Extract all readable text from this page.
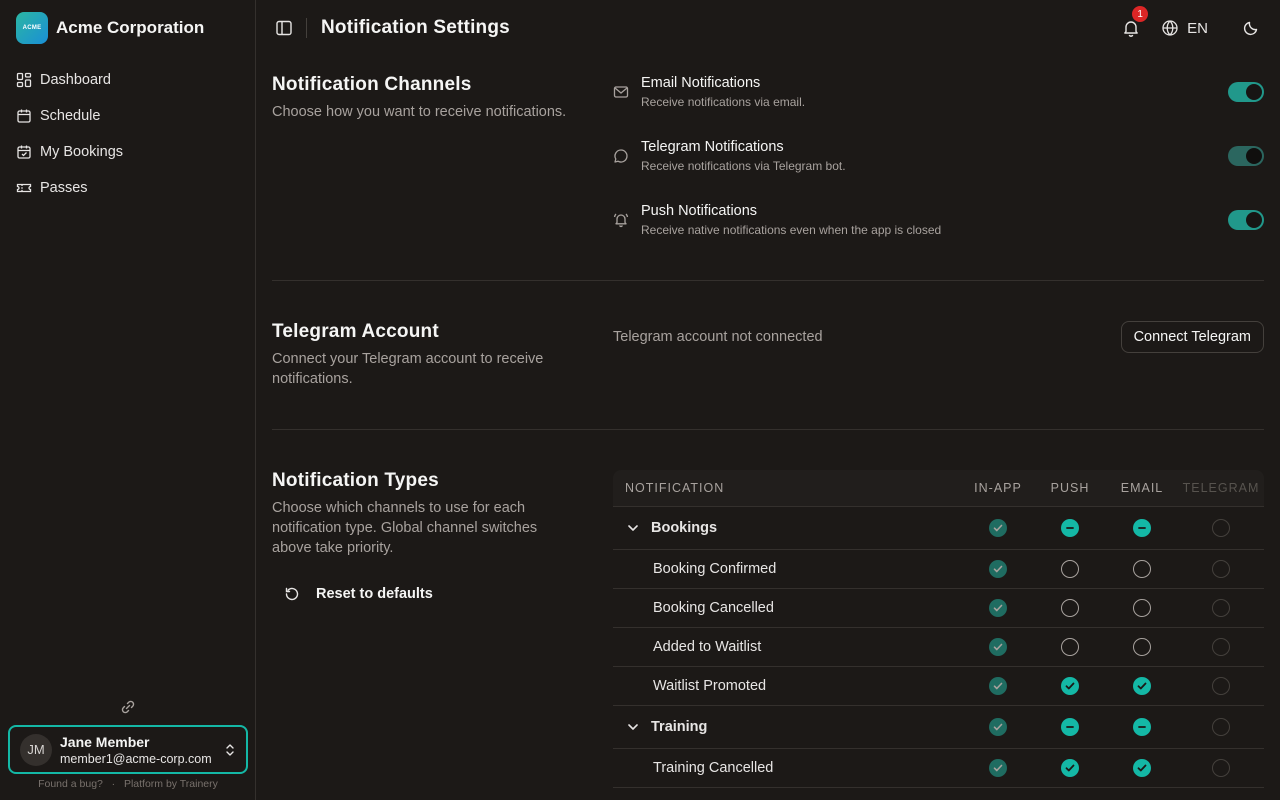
ACME Acme Corporation
Dashboard
Schedule
My Bookings
Passes
JM	Jane Member
member1@acme-corp.com
Found a bug? · Platform by Trainery
Notification Settings
1
EN
Notification Channels

Choose how you want to receive notifications.

Email Notifications
Receive notifications via email.
Telegram Notifications
Receive notifications via Telegram bot.
Push Notifications
Receive native notifications even when the app is closed
Telegram Account

Connect your Telegram account to receive notifications.

Telegram account not connected	Connect Telegram
Notification Types

Choose which channels to use for each notification type. Global channel switches above take priority.

Reset to defaults
NOTIFICATION	IN-APP	PUSH	EMAIL	TELEGRAM
Bookings
Booking Confirmed
Booking Cancelled
Added to Waitlist
Waitlist Promoted
Training
Training Cancelled
